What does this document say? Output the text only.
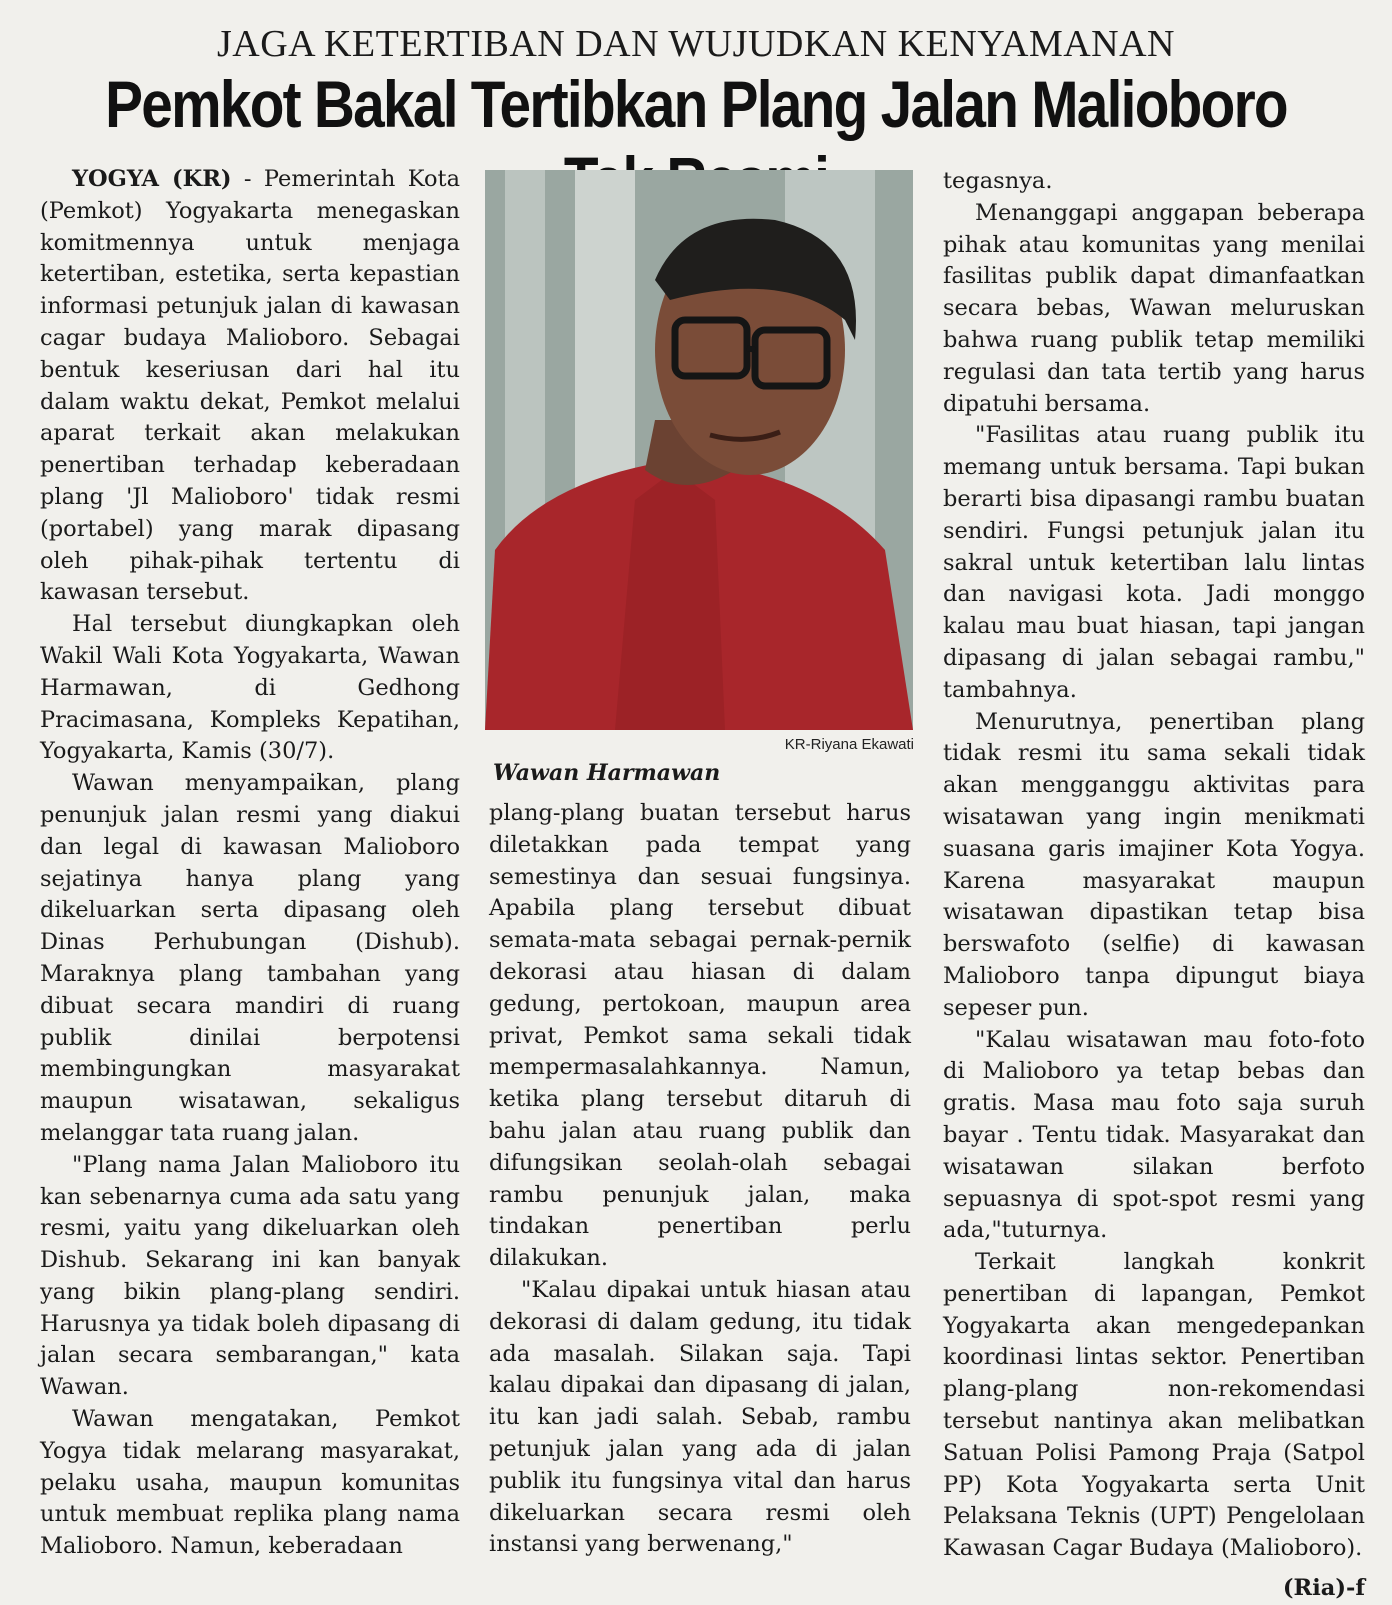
JAGA KETERTIBAN DAN WUJUDKAN KENYAMANAN
Pemkot Bakal Tertibkan Plang Jalan Malioboro

YOGYA (KR) - Pemerintah Kota (Pemkot) Yogyakarta menegaskan komitmennya untuk menjaga ketertiban, estetika, serta kepastian informasi petunjuk jalan di kawasan cagar budaya Malioboro. Sebagai bentuk keseriusan dari hal itu dalam waktu dekat, Pemkot melalui aparat terkait akan melakukan penertiban terhadap keberadaan plang 'Jl Malioboro' tidak resmi (portabel) yang marak dipasang oleh pihak-pihak tertentu di kawasan tersebut.

Hal tersebut diungkapkan oleh Wakil Wali Kota Yogyakarta, Wawan Harmawan, di Gedhong Pracimasana, Kompleks Kepatihan, Yogyakarta, Kamis (30/7).

Wawan menyampaikan, plang penunjuk jalan resmi yang diakui dan legal di kawasan Malioboro sejatinya hanya plang yang dikeluarkan serta dipasang oleh Dinas Perhubungan (Dishub). Maraknya plang tambahan yang dibuat secara mandiri di ruang publik dinilai berpotensi membingungkan masyarakat maupun wisatawan, sekaligus melanggar tata ruang jalan.

"Plang nama Jalan Malioboro itu kan sebenarnya cuma ada satu yang resmi, yaitu yang dikeluarkan oleh Dishub. Sekarang ini kan banyak yang bikin plang-plang sendiri. Harusnya ya tidak boleh dipasang di jalan secara sembarangan," kata Wawan.

Wawan mengatakan, Pemkot Yogya tidak melarang masyarakat, pelaku usaha, maupun komunitas untuk membuat replika plang nama Malioboro. Namun, keberadaan

KR-Riyana Ekawati
Wawan Harmawan

plang-plang buatan tersebut harus diletakkan pada tempat yang semestinya dan sesuai fungsinya. Apabila plang tersebut dibuat semata-mata sebagai pernak-pernik dekorasi atau hiasan di dalam gedung, pertokoan, maupun area privat, Pemkot sama sekali tidak mempermasalahkannya. Namun, ketika plang tersebut ditaruh di bahu jalan atau ruang publik dan difungsikan seolah-olah sebagai rambu penunjuk jalan, maka tindakan penertiban perlu dilakukan.

"Kalau dipakai untuk hiasan atau dekorasi di dalam gedung, itu tidak ada masalah. Silakan saja. Tapi kalau dipakai dan dipasang di jalan, itu kan jadi salah. Sebab, rambu petunjuk jalan yang ada di jalan publik itu fungsinya vital dan harus dikeluarkan secara resmi oleh instansi yang berwenang,"

tegasnya.

Menanggapi anggapan beberapa pihak atau komunitas yang menilai fasilitas publik dapat dimanfaatkan secara bebas, Wawan meluruskan bahwa ruang publik tetap memiliki regulasi dan tata tertib yang harus dipatuhi bersama.

"Fasilitas atau ruang publik itu memang untuk bersama. Tapi bukan berarti bisa dipasangi rambu buatan sendiri. Fungsi petunjuk jalan itu sakral untuk ketertiban lalu lintas dan navigasi kota. Jadi monggo kalau mau buat hiasan, tapi jangan dipasang di jalan sebagai rambu," tambahnya.

Menurutnya, penertiban plang tidak resmi itu sama sekali tidak akan mengganggu aktivitas para wisatawan yang ingin menikmati suasana garis imajiner Kota Yogya. Karena masyarakat maupun wisatawan dipastikan tetap bisa berswafoto (selfie) di kawasan Malioboro tanpa dipungut biaya sepeser pun.

"Kalau wisatawan mau foto-foto di Malioboro ya tetap bebas dan gratis. Masa mau foto saja suruh bayar . Tentu tidak. Masyarakat dan wisatawan silakan berfoto sepuasnya di spot-spot resmi yang ada,"tuturnya.

Terkait langkah konkrit penertiban di lapangan, Pemkot Yogyakarta akan mengedepankan koordinasi lintas sektor. Penertiban plang-plang non-rekomendasi tersebut nantinya akan melibatkan Satuan Polisi Pamong Praja (Satpol PP) Kota Yogyakarta serta Unit Pelaksana Teknis (UPT) Pengelolaan Kawasan Cagar Budaya (Malioboro).

(Ria)-f
